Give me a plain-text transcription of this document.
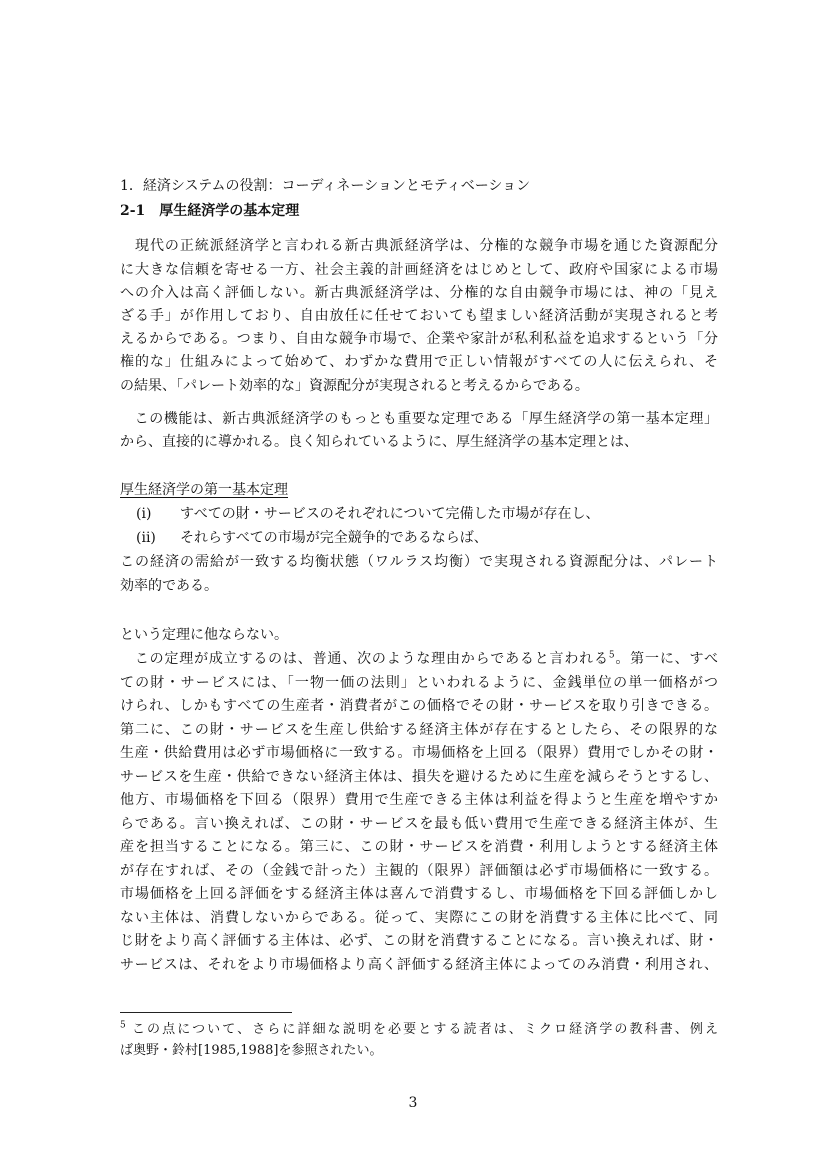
1．経済システムの役割：コーディネーションとモティベーション
2-1　厚生経済学の基本定理
　現代の正統派経済学と言われる新古典派経済学は、分権的な競争市場を通じた資源配分
に大きな信頼を寄せる一方、社会主義的計画経済をはじめとして、政府や国家による市場
への介入は高く評価しない。新古典派経済学は、分権的な自由競争市場には、神の「見え
ざる手」が作用しており、自由放任に任せておいても望ましい経済活動が実現されると考
えるからである。つまり、自由な競争市場で、企業や家計が私利私益を追求するという「分
権的な」仕組みによって始めて、わずかな費用で正しい情報がすべての人に伝えられ、そ
の結果、「パレート効率的な」資源配分が実現されると考えるからである。
　この機能は、新古典派経済学のもっとも重要な定理である「厚生経済学の第一基本定理」
から、直接的に導かれる。良く知られているように、厚生経済学の基本定理とは、
厚生経済学の第一基本定理
(i) すべての財・サービスのそれぞれについて完備した市場が存在し、
(ii) それらすべての市場が完全競争的であるならば、
この経済の需給が一致する均衡状態（ワルラス均衡）で実現される資源配分は、パレート
効率的である。
という定理に他ならない。
　この定理が成立するのは、普通、次のような理由からであると言われる$^5$。第一に、すべ
ての財・サービスには、「一物一価の法則」といわれるように、金銭単位の単一価格がつ
けられ、しかもすべての生産者・消費者がこの価格でその財・サービスを取り引きできる。
第二に、この財・サービスを生産し供給する経済主体が存在するとしたら、その限界的な
生産・供給費用は必ず市場価格に一致する。市場価格を上回る（限界）費用でしかその財・
サービスを生産・供給できない経済主体は、損失を避けるために生産を減らそうとするし、
他方、市場価格を下回る（限界）費用で生産できる主体は利益を得ようと生産を増やすか
らである。言い換えれば、この財・サービスを最も低い費用で生産できる経済主体が、生
産を担当することになる。第三に、この財・サービスを消費・利用しようとする経済主体
が存在すれば、その（金銭で計った）主観的（限界）評価額は必ず市場価格に一致する。
市場価格を上回る評価をする経済主体は喜んで消費するし、市場価格を下回る評価しかし
ない主体は、消費しないからである。従って、実際にこの財を消費する主体に比べて、同
じ財をより高く評価する主体は、必ず、この財を消費することになる。言い換えれば、財・
サービスは、それをより市場価格より高く評価する経済主体によってのみ消費・利用され、
$^5$ この点について、さらに詳細な説明を必要とする読者は、ミクロ経済学の教科書、例え
ば奥野・鈴村[1985,1988]を参照されたい。
3
